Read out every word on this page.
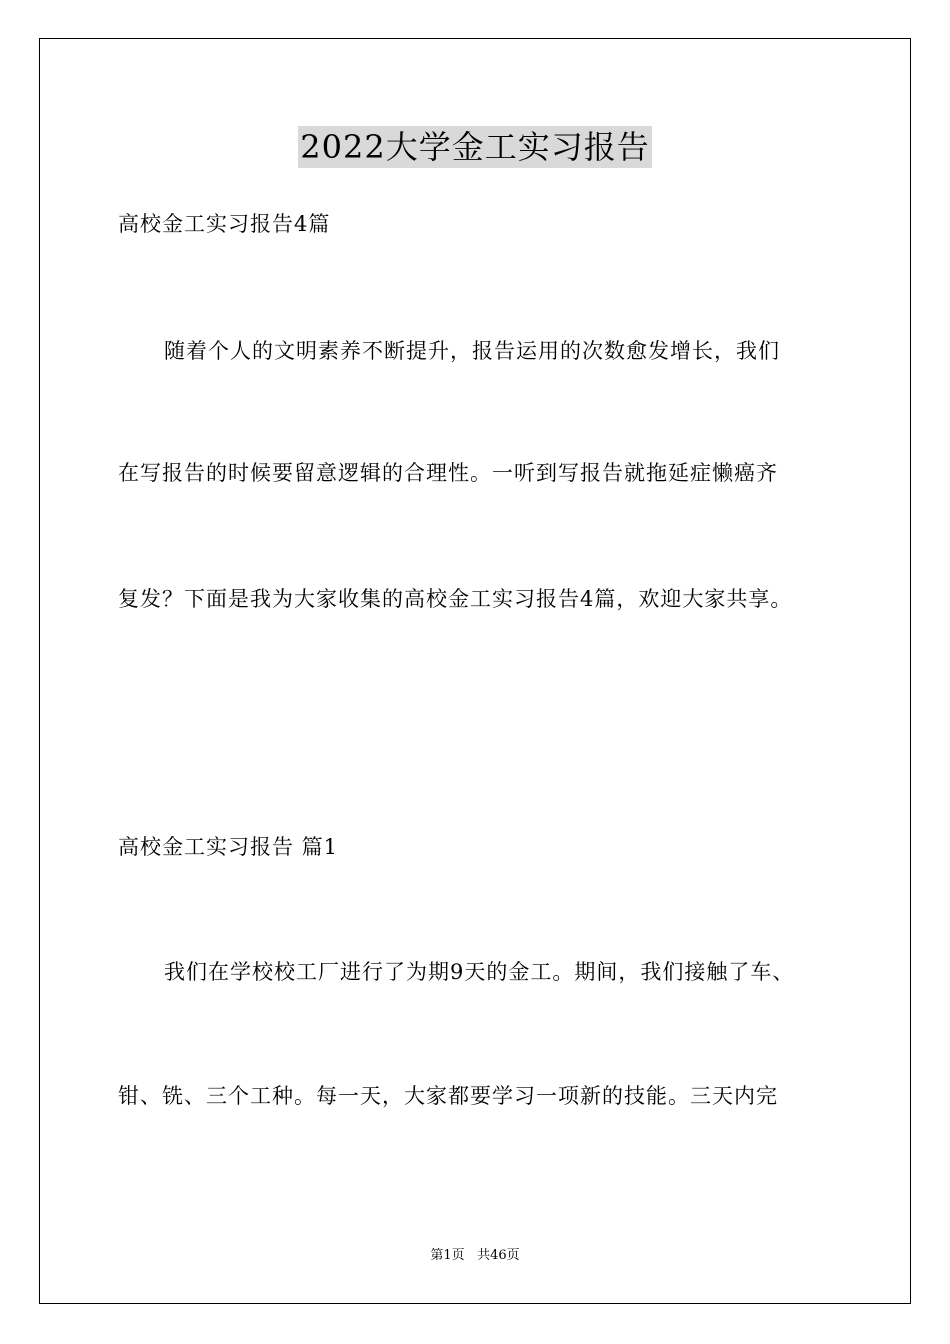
2022大学金工实习报告
高校金工实习报告4篇
随着个人的文明素养不断提升，报告运用的次数愈发增长，我们
在写报告的时候要留意逻辑的合理性。一听到写报告就拖延症懒癌齐
复发？下面是我为大家收集的高校金工实习报告4篇，欢迎大家共享。
高校金工实习报告 篇1
我们在学校校工厂进行了为期9天的金工。期间，我们接触了车、
钳、铣、三个工种。每一天，大家都要学习一项新的技能。三天内完
第1页 共46页
